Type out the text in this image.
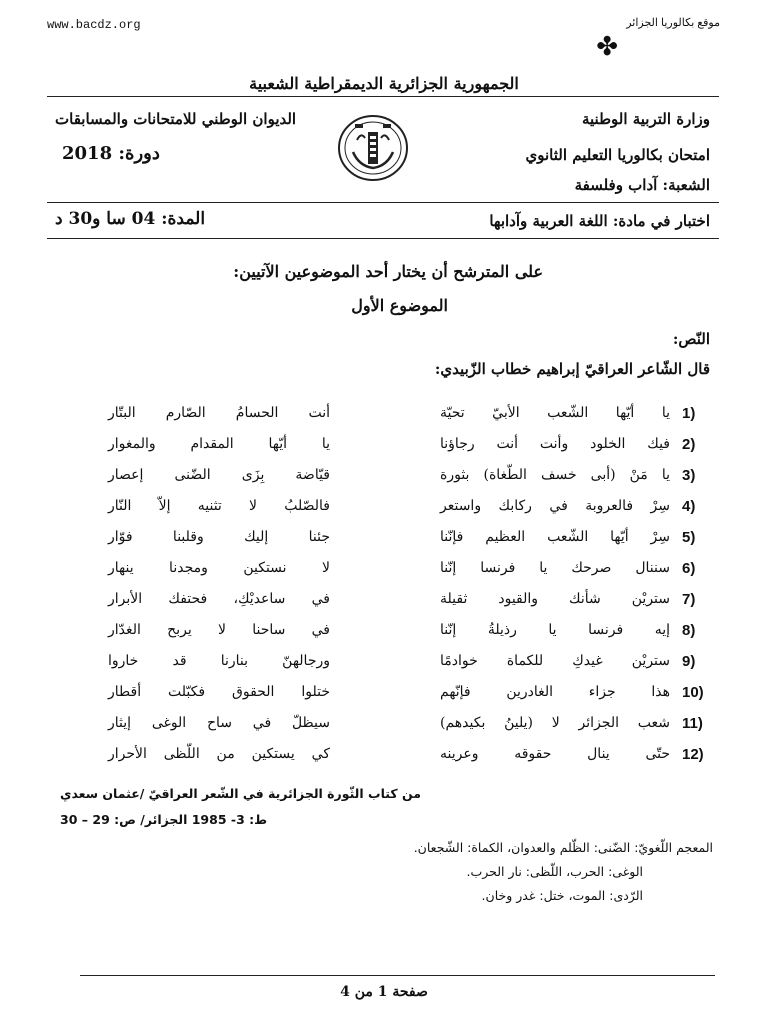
www.bacdz.org	موقع بكالوريا الجزائر
✤
الجمهورية الجزائرية الديمقراطية الشعبية
وزارة التربية الوطنية
الديوان الوطني للامتحانات والمسابقات
امتحان بكالوريا التعليم الثانوي
دورة: 2018
الشعبة: آداب وفلسفة
اختبار في مادة: اللغة العربية وآدابها
المدة: 04 سا و30 د
على المترشح أن يختار أحد الموضوعين الآتيين:
الموضوع الأول
النّص:
قال الشّاعر العراقيّ إبراهيم خطاب الزّبيدي:
1)
يا أيّها الشّعب الأبيّ تحيّة
أنت الحسامُ الصّارم البتّار
2)
فيك الخلود وأنت أنت رجاؤنا
يا أيّها المقدام والمغوار
3)
يا مَنْ (أبى خسف الطّغاة) بثورة
قيّاضة بِزَى الضّنى إعصار
4)
سِرْ فالعروبة في ركابك واستعر
فالصّلبُ لا تثنيه إلاّ النّار
5)
سِرْ أيّها الشّعب العظيم فإنّنا
جئنا إليك وقلبنا فوّار
6)
سننال صرحك يا فرنسا إنّنا
لا نستكين ومجدنا ينهار
7)
ستريْن شأنك والقيود ثقيلة
في ساعديْكِ، فحتفك الأبرار
8)
إيه فرنسا يا رذيلةُ إنّنا
في ساحنا لا يربح الغدّار
9)
ستريْن غيدكِ للكماة خوادمًا
ورجالهنّ بنارنا قد خاروا
10)
هذا جزاء الغادرين فإنّهم
ختلوا الحقوق فكبّلت أقطار
11)
شعب الجزائر لا (يلينُ بكيدهم)
سيظلّ في ساح الوغى إيثار
12)
حتّى ينال حقوقه وعرينه
كي يستكين من اللّظى الأحرار
من كتاب الثّورة الجزائرية في الشّعر العراقيّ /عثمان سعدي
ط: 3- 1985 الجزائر/ ص: 29 – 30
المعجم اللّغويّ: الضّنى: الظّلم والعدوان، الكماة: الشّجعان.
الوغى: الحرب، اللّظى: نار الحرب.
الرّدى: الموت، ختل: غدر وخان.
صفحة 1 من 4
